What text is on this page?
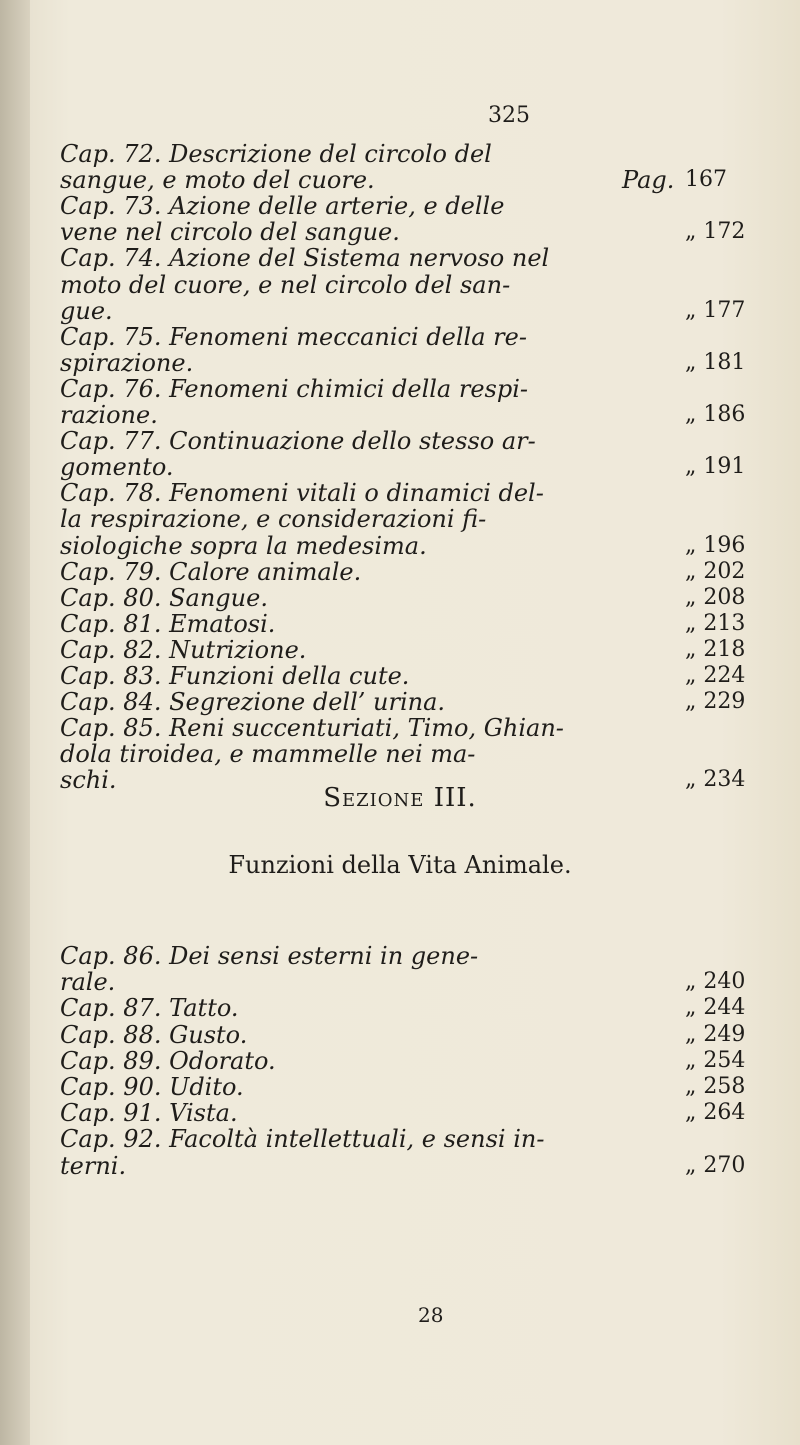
325
Cap. 72. Descrizione del circolo del
sangue, e moto del cuore.	Pag. 167
Cap. 73. Azione delle arterie, e delle
vene nel circolo del sangue.	„ 172
Cap. 74. Azione del Sistema nervoso nel
moto del cuore, e nel circolo del san-
gue.	„ 177
Cap. 75. Fenomeni meccanici della re-
spirazione.	„ 181
Cap. 76. Fenomeni chimici della respi-
razione.	„ 186
Cap. 77. Continuazione dello stesso ar-
gomento.	„ 191
Cap. 78. Fenomeni vitali o dinamici del-
la respirazione, e considerazioni fi-
siologiche sopra la medesima.	„ 196
Cap. 79. Calore animale.	„ 202
Cap. 80. Sangue.	„ 208
Cap. 81. Ematosi.	„ 213
Cap. 82. Nutrizione.	„ 218
Cap. 83. Funzioni della cute.	„ 224
Cap. 84. Segrezione dell’ urina.	„ 229
Cap. 85. Reni succenturiati, Timo, Ghian-
dola tiroidea, e mammelle nei ma-
schi.	„ 234
Sezione III.
Funzioni della Vita Animale.
Cap. 86. Dei sensi esterni in gene-
rale.	„ 240
Cap. 87. Tatto.	„ 244
Cap. 88. Gusto.	„ 249
Cap. 89. Odorato.	„ 254
Cap. 90. Udito.	„ 258
Cap. 91. Vista.	„ 264
Cap. 92. Facoltà intellettuali, e sensi in-
terni.	„ 270
28
